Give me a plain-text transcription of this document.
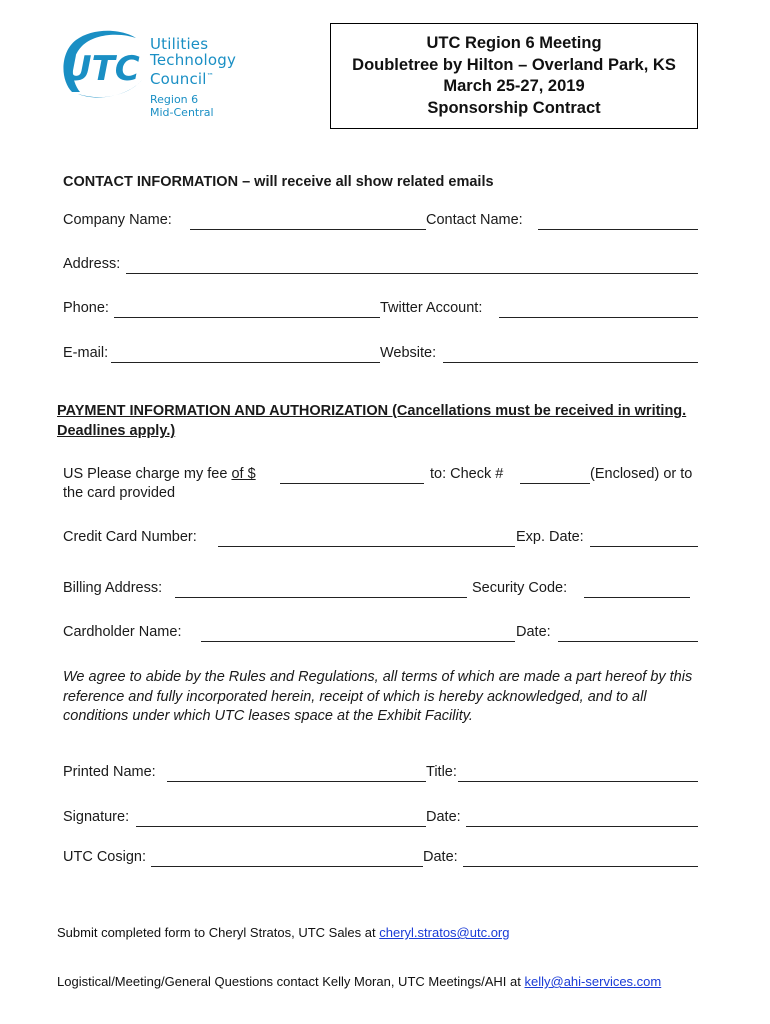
UTC
Utilities
Technology
Council™
Region 6
Mid-Central
UTC Region 6 Meeting
Doubletree by Hilton – Overland Park, KS
March 25-27, 2019
Sponsorship Contract
CONTACT INFORMATION – will receive all show related emails
Company Name:	Contact Name:
Address:
Phone:	Twitter Account:
E-mail:	Website:
PAYMENT INFORMATION AND AUTHORIZATION (Cancellations must be received in writing.
Deadlines apply.)
US Please charge my fee of $	to: Check #	(Enclosed) or to
the card provided
Credit Card Number:	Exp. Date:
Billing Address:	Security Code:
Cardholder Name:	Date:
We agree to abide by the Rules and Regulations, all terms of which are made a part hereof by this reference and fully incorporated herein, receipt of which is hereby acknowledged, and to all conditions under which UTC leases space at the Exhibit Facility.
Printed Name:	Title:
Signature:	Date:
UTC Cosign:	Date:
Submit completed form to Cheryl Stratos, UTC Sales at cheryl.stratos@utc.org
Logistical/Meeting/General Questions contact Kelly Moran, UTC Meetings/AHI at kelly@ahi-services.com
